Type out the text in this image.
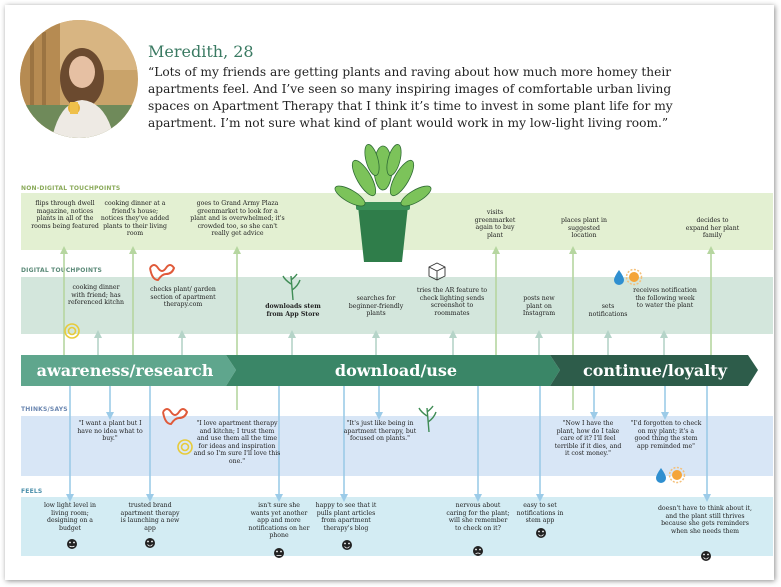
Meredith, 28
“Lots of my friends are getting plants and raving about how much more homey their apartments feel. And I’ve seen so many inspiring images of comfortable urban living spaces on Apartment Therapy that I think it’s time to invest in some plant life for my apartment. I’m not sure what kind of plant would work in my low-light living room.”
NON-DIGITAL TOUCHPOINTS
DIGITAL TOUCHPOINTS
THINKS/SAYS
FEELS
awareness/research	download/use	continue/loyalty
flips through dwell magazine, notices plants in all of the rooms being featured
cooking dinner at a friend's house; notices they've added plants to their living room
goes to Grand Army Plaza greenmarket to look for a plant and is overwhelmed; it's crowded too, so she can't really get advice
visits greenmarket again to buy plant
places plant in suggested location
decides to expand her plant family
cooking dinner with friend; has referenced kitchn
checks plant/ garden section of apartment therapy.com	downloads stem from App Store
searches for beginner-friendly plants
tries the AR feature to check lighting sends screenshot to roommates
posts new plant on Instagram
sets notifications
receives notification the following week to water the plant
"I want a plant but I have no idea what to buy."
"I love apartment therapy and kitchn; I trust them and use them all the time for ideas and inspiration and so I'm sure I'll love this one."
"It's just like being in apartment therapy, but focused on plants."
"Now I have the plant, how do I take care of it? I'll feel terrible if it dies, and it cost money."
"I'd forgotten to check on my plant; it's a good thing the stem app reminded me"
low light level in living room; designing on a budget
trusted brand apartment therapy is launching a new app
isn't sure she wants yet another app and more notifications on her phone
happy to see that it pulls plant articles from apartment therapy's blog
nervous about caring for the plant; will she remember to check on it?
easy to set notifications in stem app
doesn't have to think about it, and the plant still thrives because she gets reminders when she needs them
